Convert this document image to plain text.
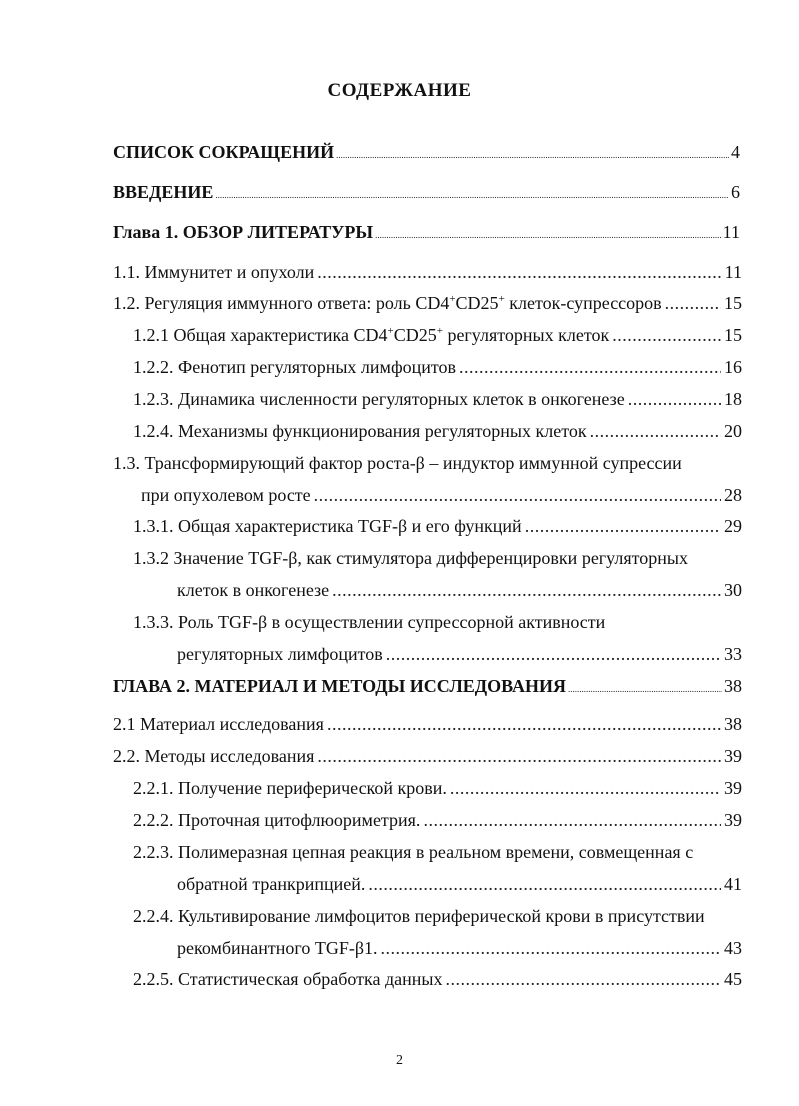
СОДЕРЖАНИЕ
СПИСОК СОКРАЩЕНИЙ .....	4
ВВЕДЕНИЕ .....	6
Глава 1. ОБЗОР ЛИТЕРАТУРЫ .....	11
1.1. Иммунитет и опухоли .....	11
1.2. Регуляция иммунного ответа: роль CD4+CD25+ клеток-супрессоров .....	15
1.2.1 Общая характеристика CD4+CD25+ регуляторных клеток .....	15
1.2.2. Фенотип регуляторных лимфоцитов .....	16
1.2.3. Динамика численности регуляторных клеток в онкогенезе .....	18
1.2.4. Механизмы функционирования регуляторных клеток .....	20
1.3. Трансформирующий фактор роста-β – индуктор иммунной супрессии
при опухолевом росте .....	28
1.3.1. Общая характеристика TGF-β и его функций .....	29
1.3.2 Значение TGF-β, как стимулятора дифференцировки регуляторных
клеток в онкогенезе .....	30
1.3.3. Роль TGF-β в осуществлении супрессорной активности
регуляторных лимфоцитов .....	33
ГЛАВА 2. МАТЕРИАЛ И МЕТОДЫ ИССЛЕДОВАНИЯ .....	38
2.1 Материал исследования .....	38
2.2. Методы исследования .....	39
2.2.1. Получение периферической крови. .....	39
2.2.2. Проточная цитофлюориметрия. .....	39
2.2.3. Полимеразная цепная реакция в реальном времени, совмещенная с
обратной транкрипцией. .....	41
2.2.4. Культивирование лимфоцитов периферической крови в присутствии
рекомбинантного TGF-β1. .....	43
2.2.5. Статистическая обработка данных .....	45
2
